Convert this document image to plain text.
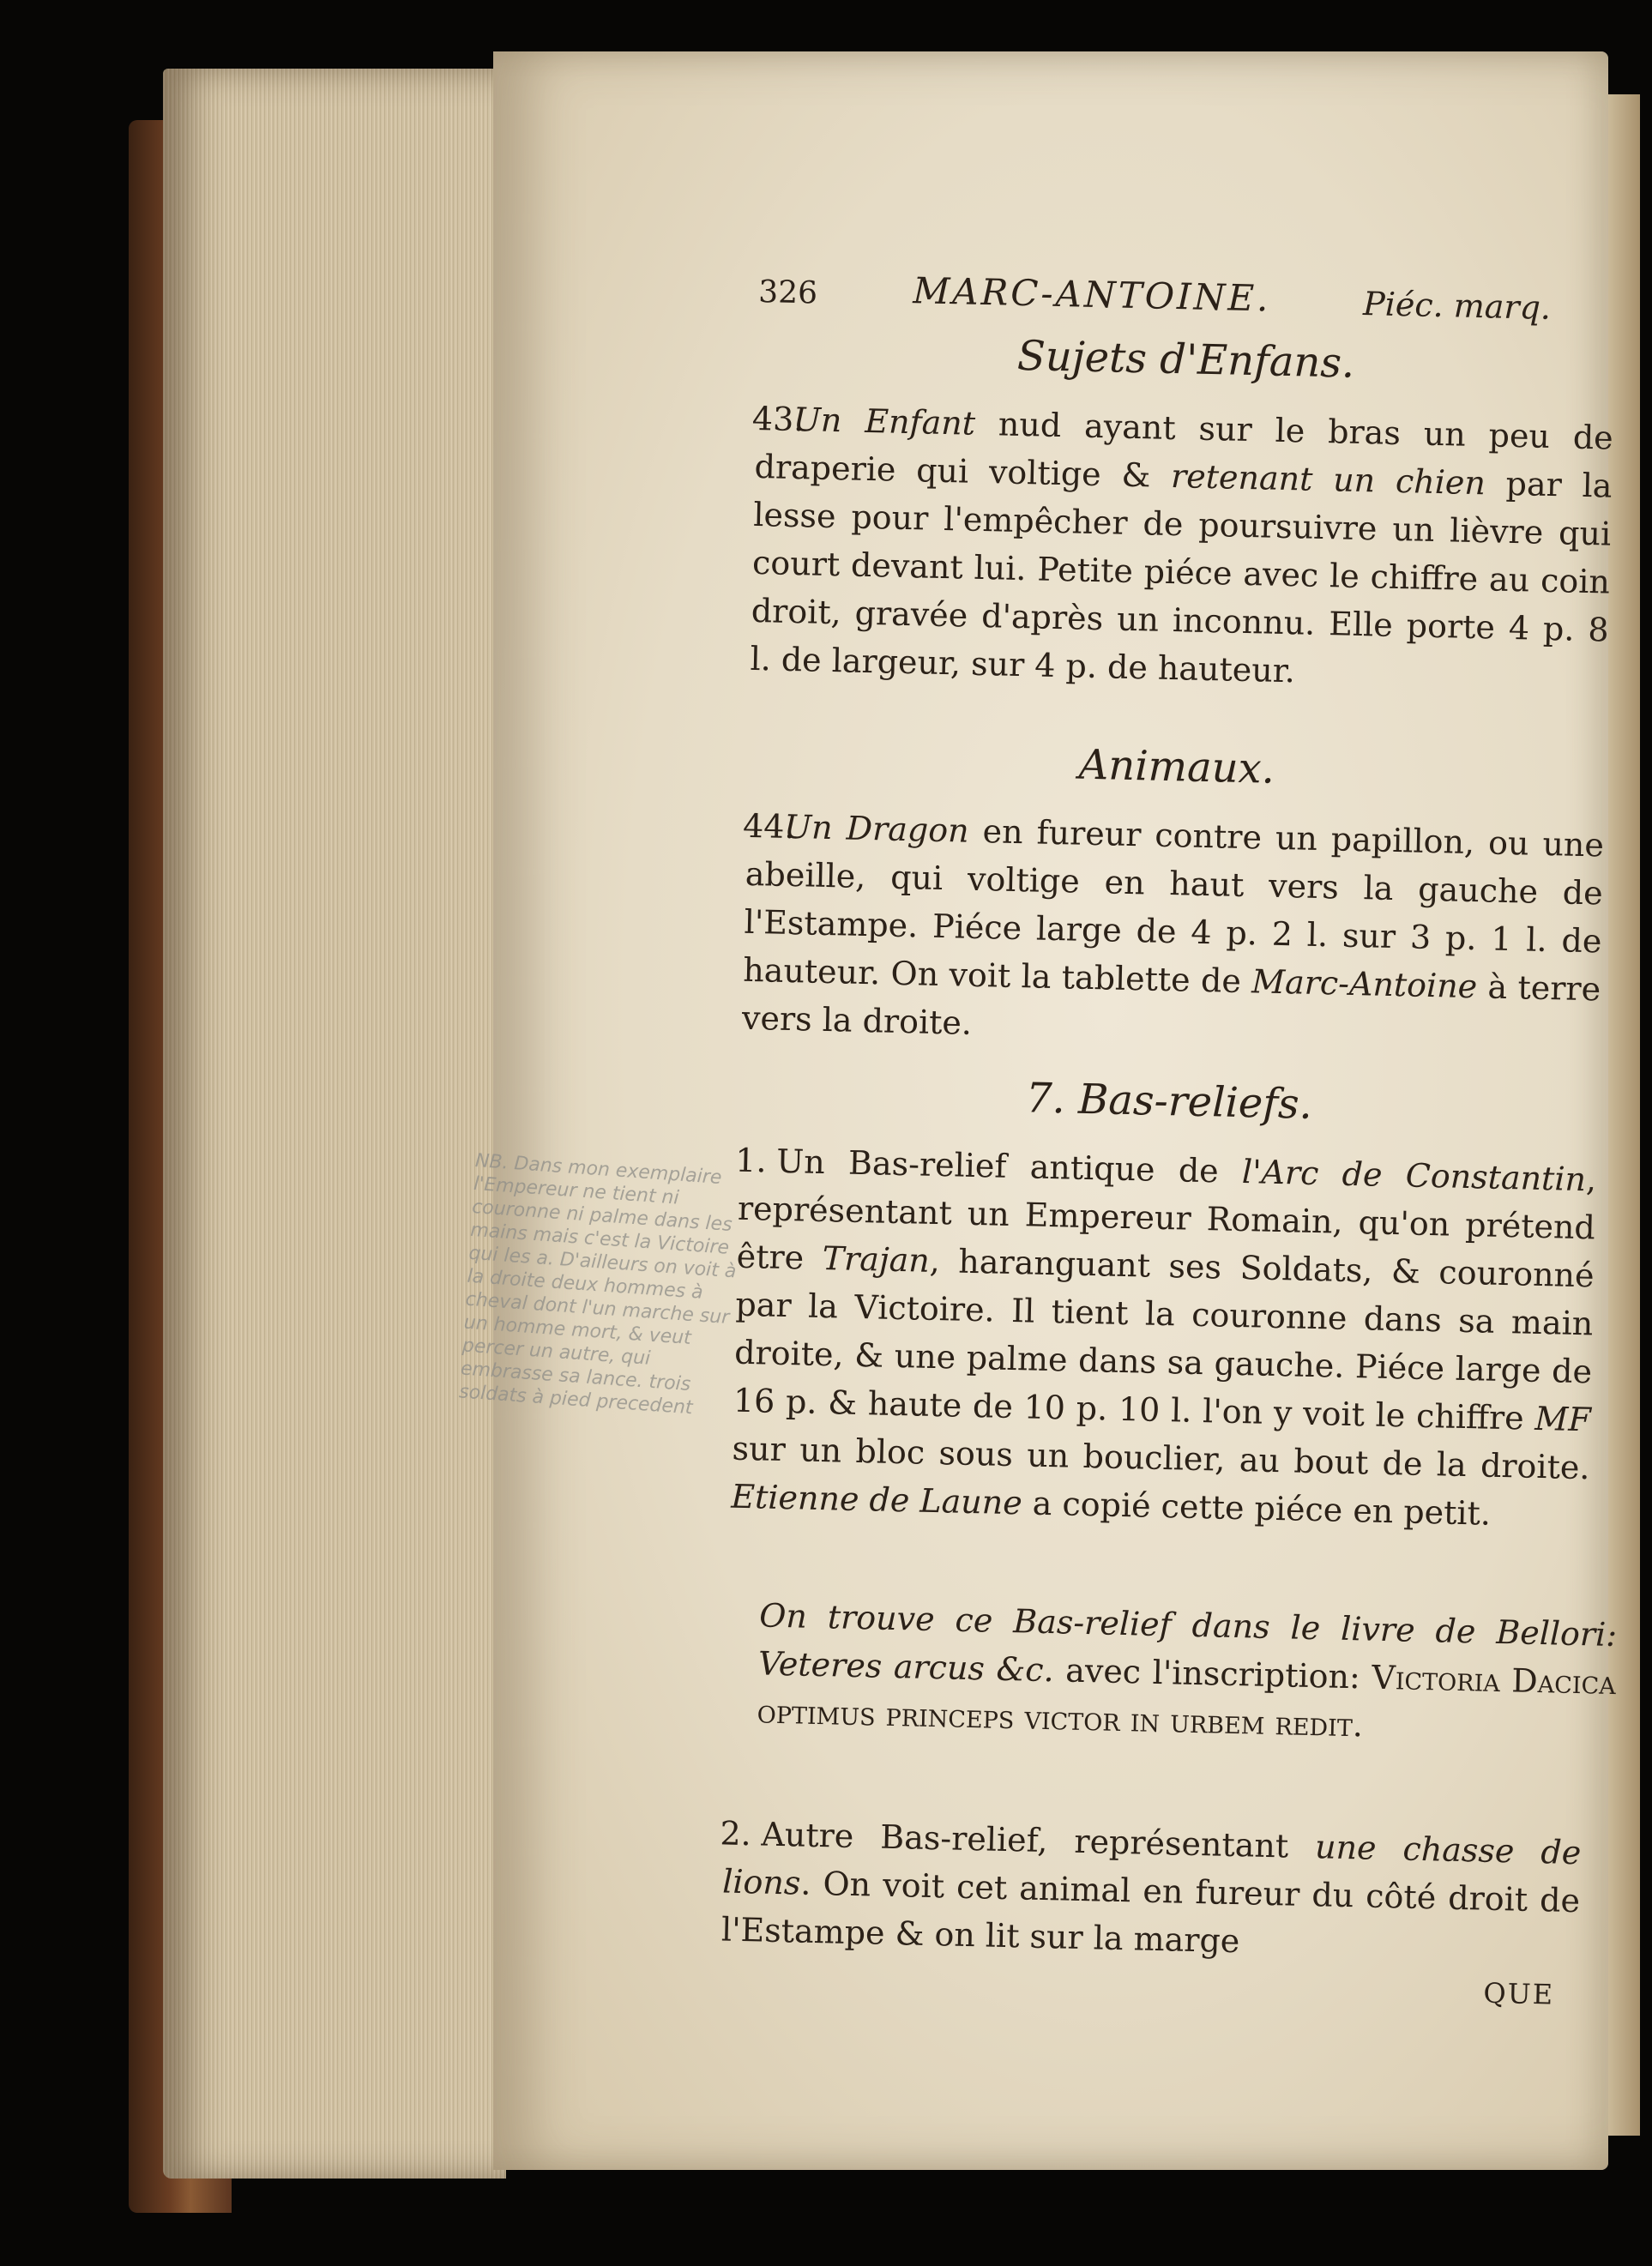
326	MARC-ANTOINE.	Piéc. marq.
Sujets d'Enfans.
43.Un Enfant nud ayant sur le bras un peu de draperie qui voltige & retenant un chien par la lesse pour l'empêcher de poursuivre un lièvre qui court devant lui. Petite piéce avec le chiffre au coin droit, gravée d'après un inconnu. Elle porte 4 p. 8 l. de largeur, sur 4 p. de hauteur.
Animaux.
44.Un Dragon en fureur contre un papillon, ou une abeille, qui voltige en haut vers la gauche de l'Estampe. Piéce large de 4 p. 2 l. sur 3 p. 1 l. de hauteur. On voit la tablette de Marc-Antoine à terre vers la droite.
7. Bas-reliefs.
1. Un Bas-relief antique de l'Arc de Constantin, représentant un Empereur Romain, qu'on prétend être Trajan, haranguant ses Soldats, & couronné par la Victoire. Il tient la couronne dans sa main droite, & une palme dans sa gauche. Piéce large de 16 p. & haute de 10 p. 10 l. l'on y voit le chiffre MF sur un bloc sous un bouclier, au bout de la droite. Etienne de Laune a copié cette piéce en petit.
On trouve ce Bas-relief dans le livre de Bellori: Veteres arcus &c. avec l'inscription: Victoria Dacica optimus princeps victor in urbem redit.
2. Autre Bas-relief, représentant une chasse de lions. On voit cet animal en fureur du côté droit de l'Estampe & on lit sur la marge
QUE
NB. Dans mon exemplaire l'Empereur ne tient ni couronne ni palme dans les mains mais c'est la Victoire qui les a. D'ailleurs on voit à la droite deux hommes à cheval dont l'un marche sur un homme mort, & veut percer un autre, qui embrasse sa lance. trois soldats à pied precedent
